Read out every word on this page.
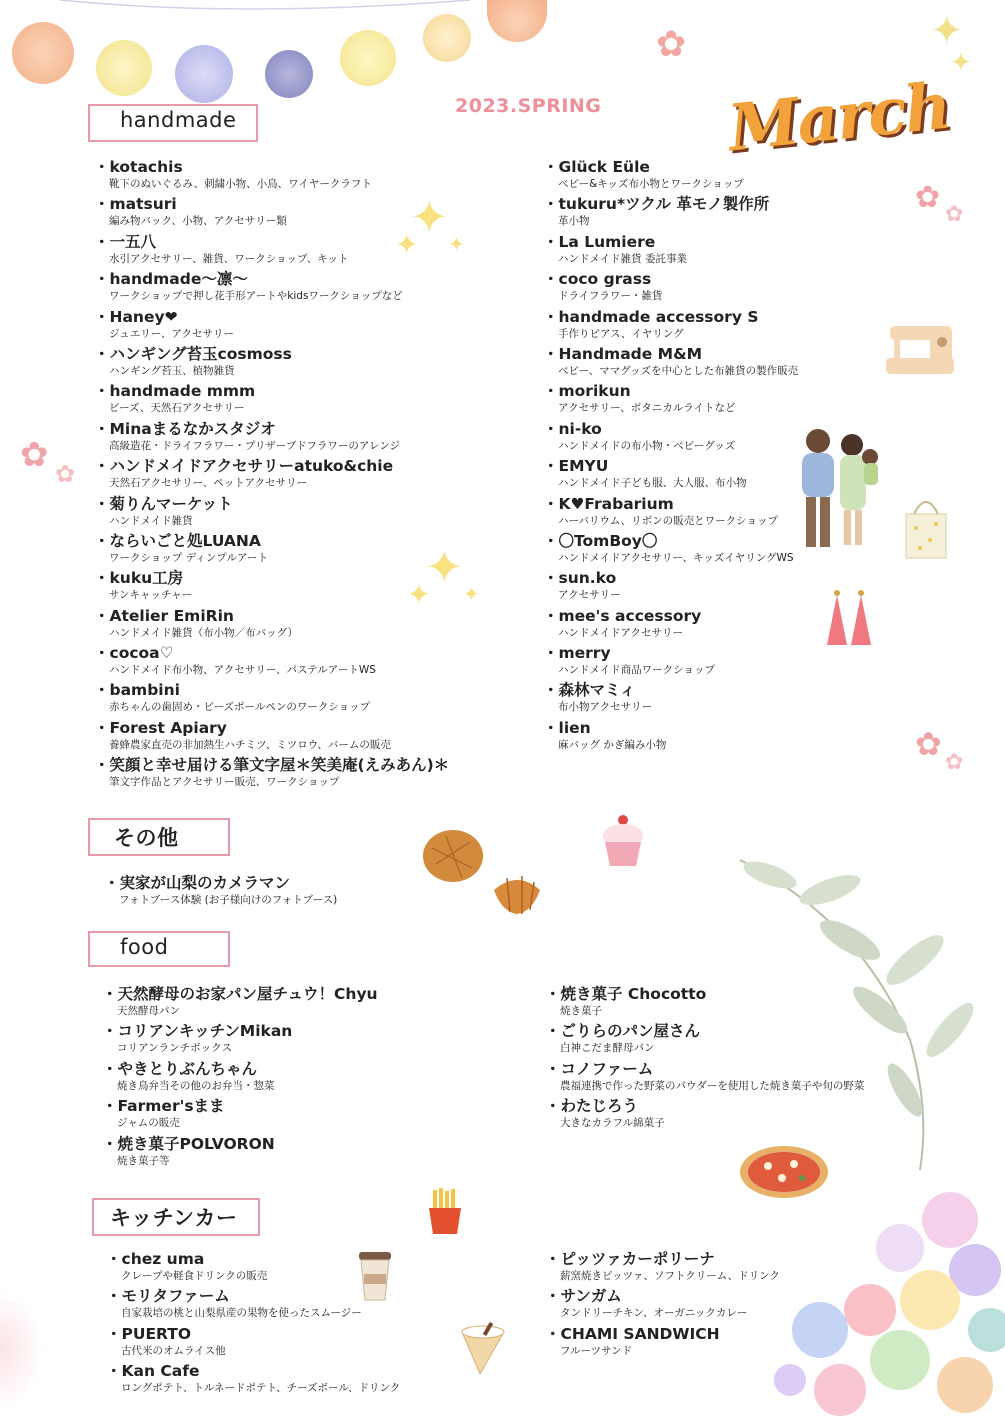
✿	✦
✦
✦
✦ ✦
✦
✦ ✦
✿ ✿
✿ ✿
✿ ✿
2023.SPRING March
handmade
その他
food
キッチンカー
・kotachis
靴下のぬいぐるみ、刺繍小物、小鳥、ワイヤークラフト
・matsuri
編み物バック、小物、アクセサリー類
・一五八
水引アクセサリー、雑貨、ワークショップ、キット
・handmade〜凛〜
ワークショップで押し花手形アートやkidsワークショップなど
・Haney❤
ジュエリー、アクセサリー
・ハンギング苔玉cosmoss
ハンギング苔玉、植物雑貨
・handmade mmm
ビーズ、天然石アクセサリー
・Minaまるなかスタジオ
高級造花・ドライフラワー・プリザーブドフラワーのアレンジ
・ハンドメイドアクセサリーatuko&chie
天然石アクセサリー、ペットアクセサリー
・菊りんマーケット
ハンドメイド雑貨
・ならいごと処LUANA
ワークショップ ディンプルアート
・kuku工房
サンキャッチャー
・Atelier EmiRin
ハンドメイド雑貨（布小物／布バッグ）
・cocoa♡
ハンドメイド布小物、アクセサリー、パステルアートWS
・bambini
赤ちゃんの歯固め・ビーズボールペンのワークショップ
・Forest Apiary
養蜂農家直売の非加熱生ハチミツ、ミツロウ、バームの販売
・笑顔と幸せ届ける筆文字屋＊笑美庵(えみあん)＊
筆文字作品とアクセサリー販売、ワークショップ
・Glück Eüle
ベビー&キッズ布小物とワークショップ
・tukuru*ツクル 革モノ製作所
革小物
・La Lumiere
ハンドメイド雑貨 委託事業
・coco grass
ドライフラワー・雑貨
・handmade accessory S
手作りピアス、イヤリング
・Handmade M&M
ベビー、ママグッズを中心とした布雑貨の製作販売
・morikun
アクセサリー、ボタニカルライトなど
・ni-ko
ハンドメイドの布小物・ベビーグッズ
・EMYU
ハンドメイド子ども服、大人服、布小物
・K♥Frabarium
ハーバリウム、リボンの販売とワークショップ
・〇TomBoy〇
ハンドメイドアクセサリー、キッズイヤリングWS
・sun.ko
アクセサリー
・mee's accessory
ハンドメイドアクセサリー
・merry
ハンドメイド商品ワークショップ
・森林マミィ
布小物アクセサリー
・lien
麻バッグ かぎ編み小物
・実家が山梨のカメラマン
フォトブース体験 (お子様向けのフォトブース)
・天然酵母のお家パン屋チュウ！Chyu
天然酵母パン
・コリアンキッチンMikan
コリアンランチボックス
・やきとりぶんちゃん
焼き鳥弁当その他のお弁当・惣菜
・Farmer'sまま
ジャムの販売
・焼き菓子POLVORON
焼き菓子等
・焼き菓子 Chocotto
焼き菓子
・ごりらのパン屋さん
白神こだま酵母パン
・コノファーム
農福連携で作った野菜のパウダーを使用した焼き菓子や旬の野菜
・わたじろう
大きなカラフル綿菓子
・chez uma
クレープや軽食ドリンクの販売
・モリタファーム
自家栽培の桃と山梨県産の果物を使ったスムージー
・PUERTO
古代米のオムライス他
・Kan Cafe
ロングポテト、トルネードポテト、チーズボール、ドリンク
・ピッツァカーポリーナ
薪窯焼きピッツァ、ソフトクリーム、ドリンク
・サンガム
タンドリーチキン、オーガニックカレー
・CHAMI SANDWICH
フルーツサンド
